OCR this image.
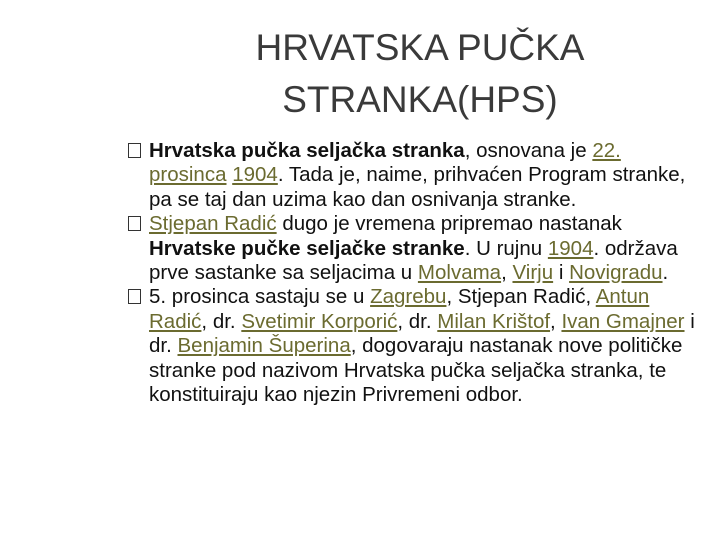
HRVATSKA PUČKA
STRANKA(HPS)

Hrvatska pučka seljačka stranka, osnovana je 22. prosinca 1904. Tada je, naime, prihvaćen Program stranke, pa se taj dan uzima kao dan osnivanja stranke.

Stjepan Radić dugo je vremena pripremao nastanak Hrvatske pučke seljačke stranke. U rujnu 1904. održava prve sastanke sa seljacima u Molvama, Virju i Novigradu.

5. prosinca sastaju se u Zagrebu, Stjepan Radić, Antun Radić, dr. Svetimir Korporić, dr. Milan Krištof, Ivan Gmajner i dr. Benjamin Šuperina, dogovaraju nastanak nove političke stranke pod nazivom Hrvatska pučka seljačka stranka, te konstituiraju kao njezin Privremeni odbor.
